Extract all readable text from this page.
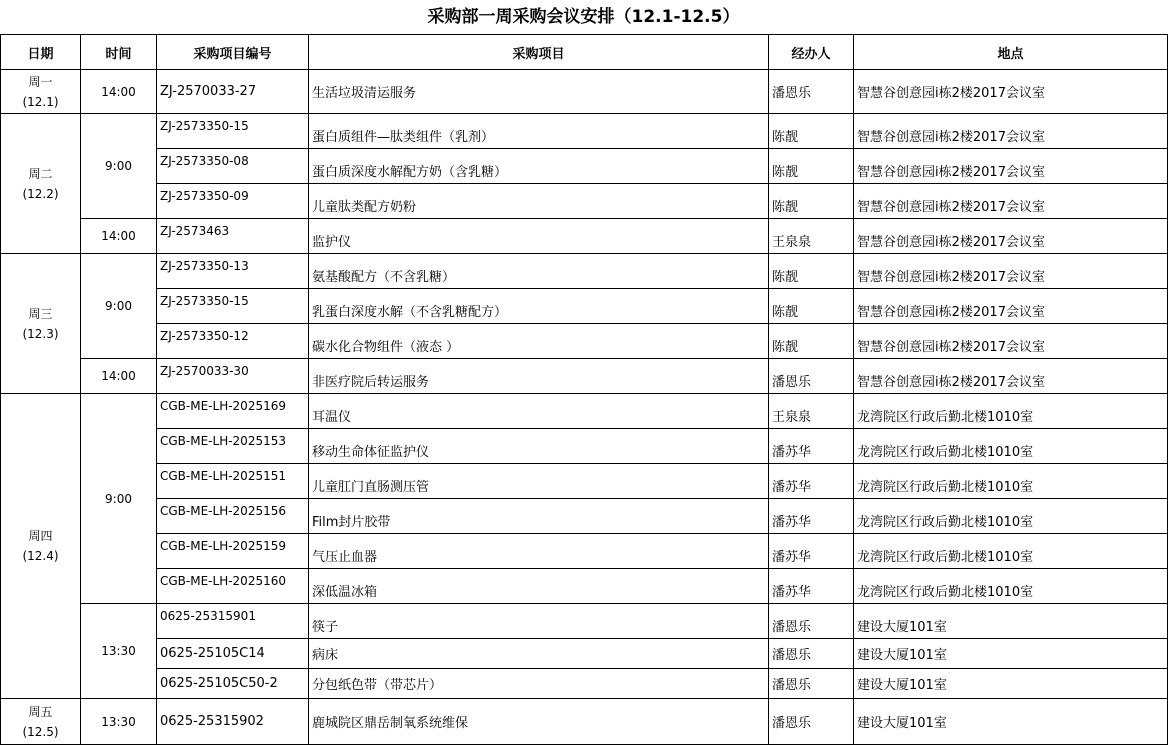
采购部一周采购会议安排（12.1-12.5）
日期	时间	采购项目编号	采购项目	经办人	地点

周一
(12.1)	14:00	ZJ-2570033-27	生活垃圾清运服务	潘恩乐	智慧谷创意园i栋2楼2017会议室

周二
(12.2)	9:00	ZJ-2573350-15	蛋白质组件—肽类组件（乳剂）	陈靓	智慧谷创意园i栋2楼2017会议室
		ZJ-2573350-08	蛋白质深度水解配方奶（含乳糖）	陈靓	智慧谷创意园i栋2楼2017会议室
		ZJ-2573350-09	儿童肽类配方奶粉	陈靓	智慧谷创意园i栋2楼2017会议室
	14:00	ZJ-2573463	监护仪	王泉泉	智慧谷创意园i栋2楼2017会议室

周三
(12.3)	9:00	ZJ-2573350-13	氨基酸配方（不含乳糖）	陈靓	智慧谷创意园i栋2楼2017会议室
		ZJ-2573350-15	乳蛋白深度水解（不含乳糖配方）	陈靓	智慧谷创意园i栋2楼2017会议室
		ZJ-2573350-12	碳水化合物组件（液态 ）	陈靓	智慧谷创意园i栋2楼2017会议室
	14:00	ZJ-2570033-30	非医疗院后转运服务	潘恩乐	智慧谷创意园i栋2楼2017会议室

周四
(12.4)	9:00	CGB-ME-LH-2025169	耳温仪	王泉泉	龙湾院区行政后勤北楼1010室
		CGB-ME-LH-2025153	移动生命体征监护仪	潘苏华	龙湾院区行政后勤北楼1010室
		CGB-ME-LH-2025151	儿童肛门直肠测压管	潘苏华	龙湾院区行政后勤北楼1010室
		CGB-ME-LH-2025156	Film封片胶带	潘苏华	龙湾院区行政后勤北楼1010室
		CGB-ME-LH-2025159	气压止血器	潘苏华	龙湾院区行政后勤北楼1010室
		CGB-ME-LH-2025160	深低温冰箱	潘苏华	龙湾院区行政后勤北楼1010室
	13:30	0625-25315901	筷子	潘恩乐	建设大厦101室
		0625-25105C14	病床	潘恩乐	建设大厦101室
		0625-25105C50-2	分包纸色带（带芯片）	潘恩乐	建设大厦101室

周五
(12.5)	13:30	0625-25315902	鹿城院区鼎岳制氧系统维保	潘恩乐	建设大厦101室
